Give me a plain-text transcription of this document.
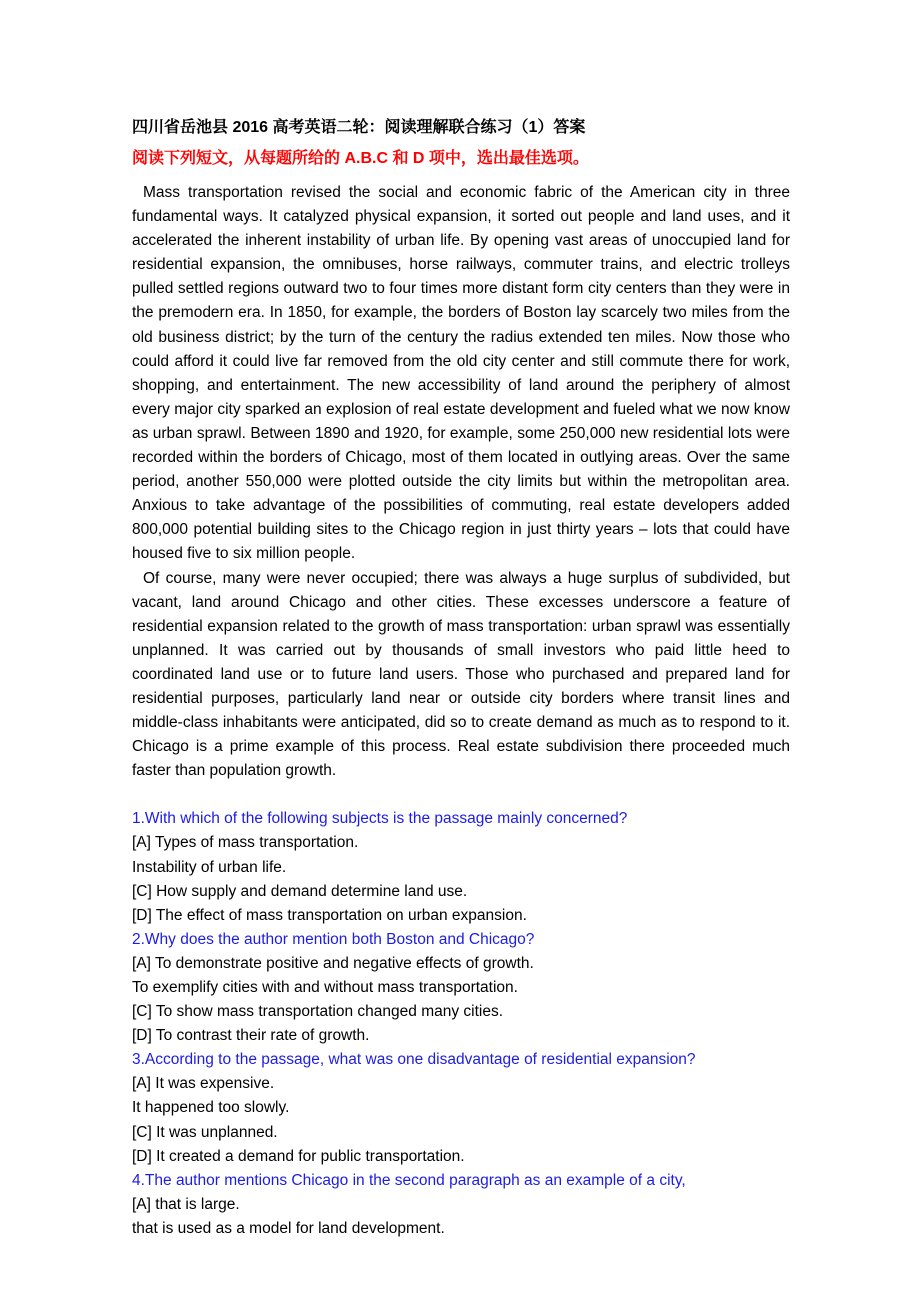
四川省岳池县 2016 高考英语二轮：阅读理解联合练习（1）答案

阅读下列短文，从每题所给的 A.B.C 和 D 项中，选出最佳选项。

Mass transportation revised the social and economic fabric of the American city in three fundamental ways. It catalyzed physical expansion, it sorted out people and land uses, and it accelerated the inherent instability of urban life. By opening vast areas of unoccupied land for residential expansion, the omnibuses, horse railways, commuter trains, and electric trolleys pulled settled regions outward two to four times more distant form city centers than they were in the premodern era. In 1850, for example, the borders of Boston lay scarcely two miles from the old business district; by the turn of the century the radius extended ten miles. Now those who could afford it could live far removed from the old city center and still commute there for work, shopping, and entertainment. The new accessibility of land around the periphery of almost every major city sparked an explosion of real estate development and fueled what we now know as urban sprawl. Between 1890 and 1920, for example, some 250,000 new residential lots were recorded within the borders of Chicago, most of them located in outlying areas. Over the same period, another 550,000 were plotted outside the city limits but within the metropolitan area. Anxious to take advantage of the possibilities of commuting, real estate developers added 800,000 potential building sites to the Chicago region in just thirty years – lots that could have housed five to six million people.

Of course, many were never occupied; there was always a huge surplus of subdivided, but vacant, land around Chicago and other cities. These excesses underscore a feature of residential expansion related to the growth of mass transportation: urban sprawl was essentially unplanned. It was carried out by thousands of small investors who paid little heed to coordinated land use or to future land users. Those who purchased and prepared land for residential purposes, particularly land near or outside city borders where transit lines and middle-class inhabitants were anticipated, did so to create demand as much as to respond to it. Chicago is a prime example of this process. Real estate subdivision there proceeded much faster than population growth.

1.With which of the following subjects is the passage mainly concerned?
[A] Types of mass transportation.
Instability of urban life.
[C] How supply and demand determine land use.
[D] The effect of mass transportation on urban expansion.
2.Why does the author mention both Boston and Chicago?
[A] To demonstrate positive and negative effects of growth.
To exemplify cities with and without mass transportation.
[C] To show mass transportation changed many cities.
[D] To contrast their rate of growth.
3.According to the passage, what was one disadvantage of residential expansion?
[A] It was expensive.
It happened too slowly.
[C] It was unplanned.
[D] It created a demand for public transportation.
4.The author mentions Chicago in the second paragraph as an example of a city,
[A] that is large.
that is used as a model for land development.
